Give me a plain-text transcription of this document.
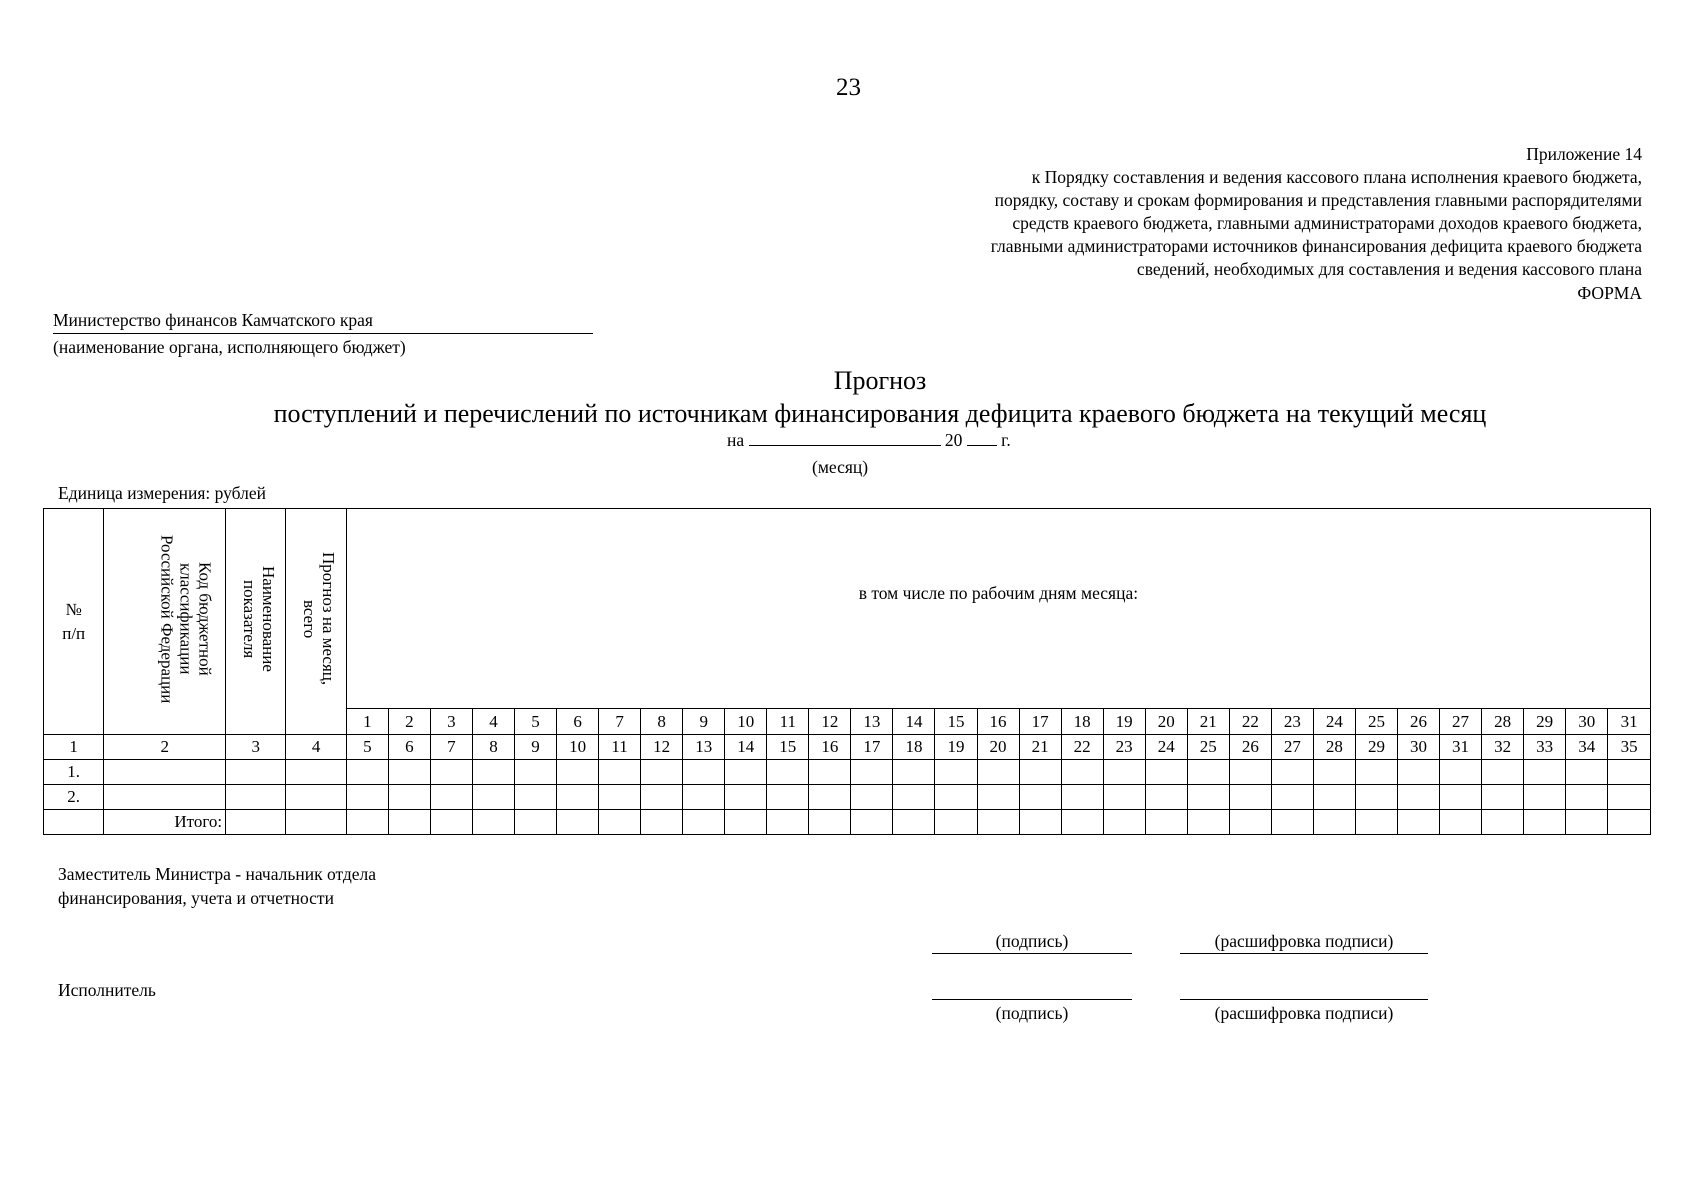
23
Приложение 14
к Порядку составления и ведения кассового плана исполнения краевого бюджета,
порядку, составу и срокам формирования и представления главными распорядителями
средств краевого бюджета, главными администраторами доходов краевого бюджета,
главными администраторами источников финансирования дефицита краевого бюджета
сведений, необходимых для составления и ведения кассового плана
ФОРМА
Министерство финансов Камчатского края
(наименование органа, исполняющего бюджет)
Прогноз
поступлений и перечислений по источникам финансирования дефицита краевого бюджета на текущий месяц
на	20 г.
(месяц)
Единица измерения: рублей
№
п/п	Код бюджетной классификации Российской Федерации	Наименование показателя	Прогноз на месяц, всего	в том числе по рабочим дням месяца:																														
				1	2	3	4	5	6	7	8	9	10	11	12	13	14	15	16	17	18	19	20	21	22	23	24	25	26	27	28	29	30	31
1	2	3	4	5	6	7	8	9	10	11	12	13	14	15	16	17	18	19	20	21	22	23	24	25	26	27	28	29	30	31	32	33	34	35
1.																																		
2.																																		
	Итого:																																	
Заместитель Министра - начальник отдела
финансирования, учета и отчетности
(подпись)	(расшифровка подписи)
Исполнитель
(подпись)	(расшифровка подписи)
